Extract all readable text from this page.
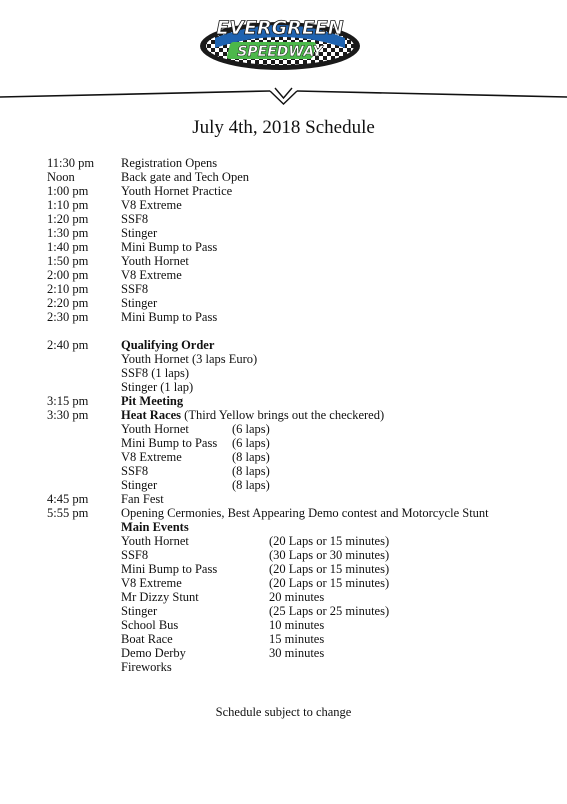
EVERGREEN
SPEEDWAY
July 4th, 2018 Schedule
11:30 pm Registration Opens
Noon	Back gate and Tech Open
1:00 pm	Youth Hornet Practice
1:10 pm	V8 Extreme
1:20 pm	SSF8
1:30 pm	Stinger
1:40 pm	Mini Bump to Pass
1:50 pm	Youth Hornet
2:00 pm	V8 Extreme
2:10 pm	SSF8
2:20 pm	Stinger
2:30 pm	Mini Bump to Pass
2:40 pm	Qualifying Order
Youth Hornet (3 laps Euro)
SSF8 (1 laps)
Stinger (1 lap)
3:15 pm	Pit Meeting
3:30 pm	Heat Races (Third Yellow brings out the checkered)
Youth Hornet	(6 laps)
Mini Bump to Pass (6 laps)
V8 Extreme	(8 laps)
SSF8	(8 laps)
Stinger	(8 laps)
4:45 pm	Fan Fest
5:55 pm	Opening Cermonies, Best Appearing Demo contest and Motorcycle Stunt
Main Events
Youth Hornet	(20 Laps or 15 minutes)
SSF8	(30 Laps or 30 minutes)
Mini Bump to Pass	(20 Laps or 15 minutes)
V8 Extreme	(20 Laps or 15 minutes)
Mr Dizzy Stunt	20 minutes
Stinger	(25 Laps or 25 minutes)
School Bus	10 minutes
Boat Race	15 minutes
Demo Derby	30 minutes
Fireworks
Schedule subject to change
